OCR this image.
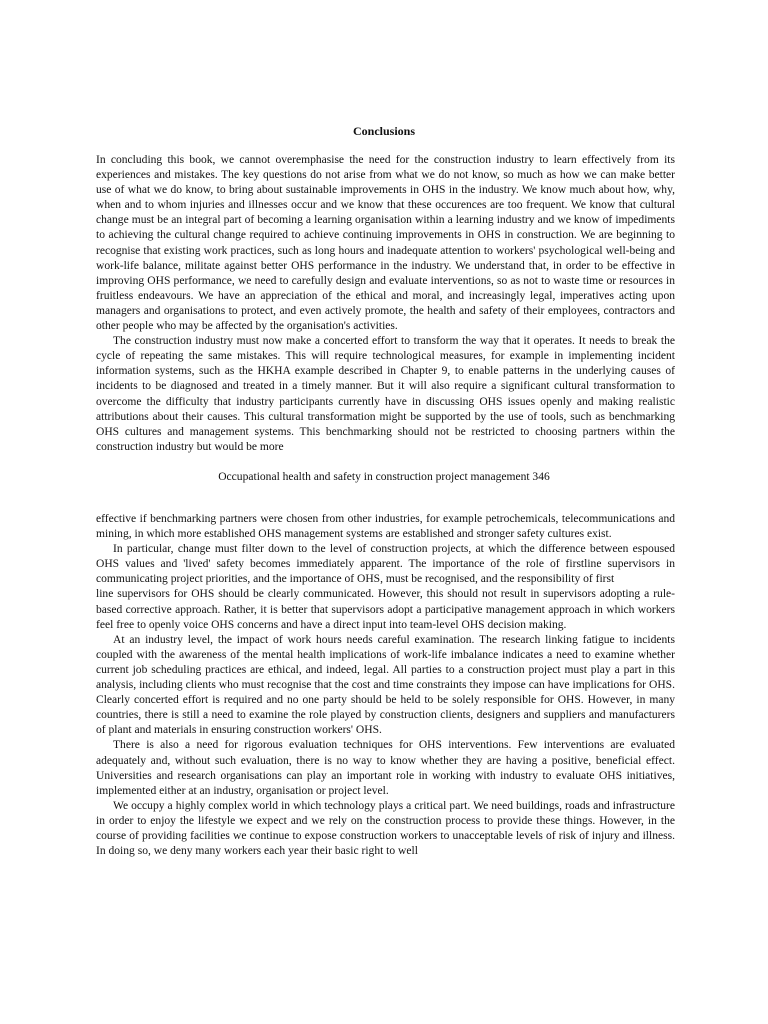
Conclusions

In concluding this book, we cannot overemphasise the need for the construction industry to learn effectively from its experiences and mistakes. The key questions do not arise from what we do not know, so much as how we can make better use of what we do know, to bring about sustainable improvements in OHS in the industry. We know much about how, why, when and to whom injuries and illnesses occur and we know that these occurences are too frequent. We know that cultural change must be an integral part of becoming a learning organisation within a learning industry and we know of impediments to achieving the cultural change required to achieve continuing improvements in OHS in construction. We are beginning to recognise that existing work practices, such as long hours and inadequate attention to workers' psychological well-being and work-life balance, militate against better OHS performance in the industry. We understand that, in order to be effective in improving OHS performance, we need to carefully design and evaluate interventions, so as not to waste time or resources in fruitless endeavours. We have an appreciation of the ethical and moral, and increasingly legal, imperatives acting upon managers and organisations to protect, and even actively promote, the health and safety of their employees, contractors and other people who may be affected by the organisation's activities.

The construction industry must now make a concerted effort to transform the way that it operates. It needs to break the cycle of repeating the same mistakes. This will require technological measures, for example in implementing incident information systems, such as the HKHA example described in Chapter 9, to enable patterns in the underlying causes of incidents to be diagnosed and treated in a timely manner. But it will also require a significant cultural transformation to overcome the difficulty that industry participants currently have in discussing OHS issues openly and making realistic attributions about their causes. This cultural transformation might be supported by the use of tools, such as benchmarking OHS cultures and management systems. This benchmarking should not be restricted to choosing partners within the construction industry but would be more

Occupational health and safety in construction project management 346

effective if benchmarking partners were chosen from other industries, for example petrochemicals, telecommunications and mining, in which more established OHS management systems are established and stronger safety cultures exist.

In particular, change must filter down to the level of construction projects, at which the difference between espoused OHS values and 'lived' safety becomes immediately apparent. The importance of the role of firstline supervisors in communicating project priorities, and the importance of OHS, must be recognised, and the responsibility of first

line supervisors for OHS should be clearly communicated. However, this should not result in supervisors adopting a rule-based corrective approach. Rather, it is better that supervisors adopt a participative management approach in which workers feel free to openly voice OHS concerns and have a direct input into team-level OHS decision making.

At an industry level, the impact of work hours needs careful examination. The research linking fatigue to incidents coupled with the awareness of the mental health implications of work-life imbalance indicates a need to examine whether current job scheduling practices are ethical, and indeed, legal. All parties to a construction project must play a part in this analysis, including clients who must recognise that the cost and time constraints they impose can have implications for OHS. Clearly concerted effort is required and no one party should be held to be solely responsible for OHS. However, in many countries, there is still a need to examine the role played by construction clients, designers and suppliers and manufacturers of plant and materials in ensuring construction workers' OHS.

There is also a need for rigorous evaluation techniques for OHS interventions. Few interventions are evaluated adequately and, without such evaluation, there is no way to know whether they are having a positive, beneficial effect. Universities and research organisations can play an important role in working with industry to evaluate OHS initiatives, implemented either at an industry, organisation or project level.

We occupy a highly complex world in which technology plays a critical part. We need buildings, roads and infrastructure in order to enjoy the lifestyle we expect and we rely on the construction process to provide these things. However, in the course of providing facilities we continue to expose construction workers to unacceptable levels of risk of injury and illness. In doing so, we deny many workers each year their basic right to well
